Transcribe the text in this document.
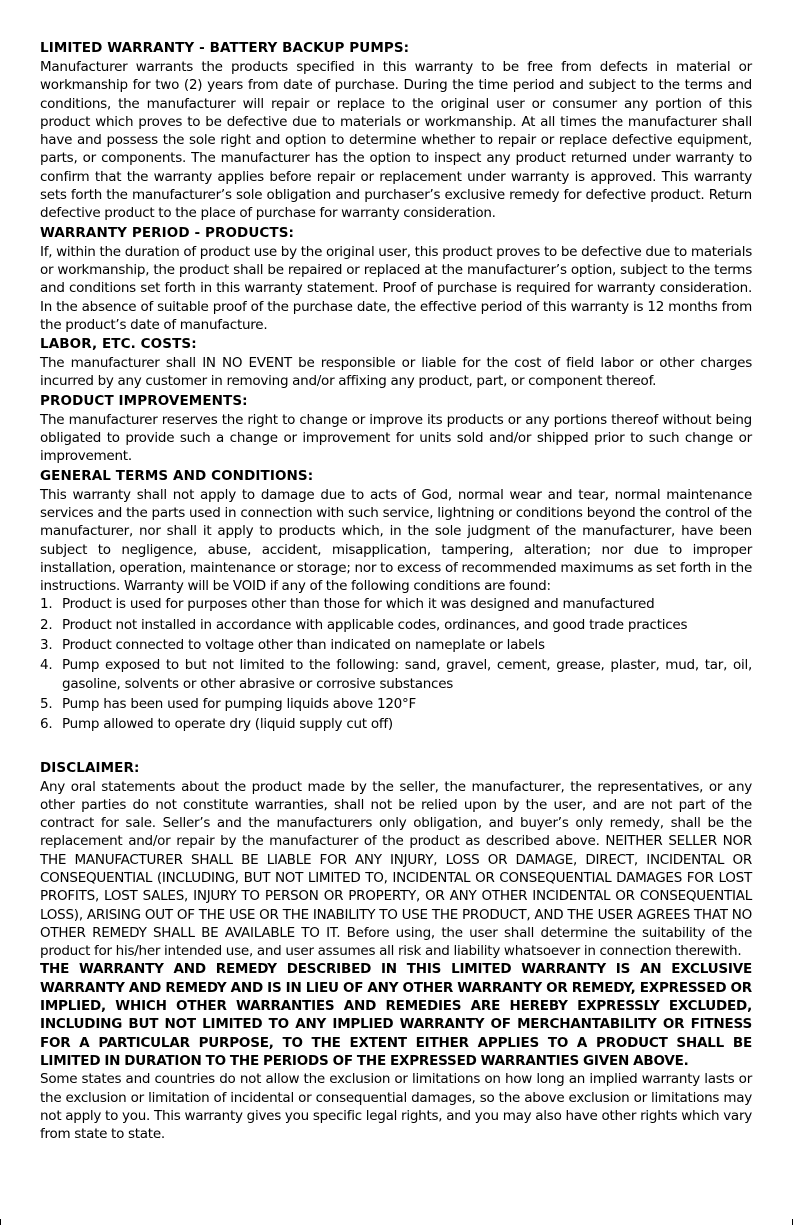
LIMITED WARRANTY - BATTERY BACKUP PUMPS:

Manufacturer warrants the products specified in this warranty to be free from defects in material or workmanship for two (2) years from date of purchase. During the time period and subject to the terms and conditions, the manufacturer will repair or replace to the original user or consumer any portion of this product which proves to be defective due to materials or workmanship. At all times the manufacturer shall have and possess the sole right and option to determine whether to repair or replace defective equipment, parts, or components. The manufacturer has the option to inspect any product returned under warranty to confirm that the warranty applies before repair or replacement under warranty is approved. This warranty sets forth the manufacturer’s sole obligation and purchaser’s exclusive remedy for defective product. Return defective product to the place of purchase for warranty consideration.

WARRANTY PERIOD - PRODUCTS:

If, within the duration of product use by the original user, this product proves to be defective due to materials or workmanship, the product shall be repaired or replaced at the manufacturer’s option, subject to the terms and conditions set forth in this warranty statement. Proof of purchase is required for warranty consideration. In the absence of suitable proof of the purchase date, the effective period of this warranty is 12 months from the product’s date of manufacture.

LABOR, ETC. COSTS:

The manufacturer shall IN NO EVENT be responsible or liable for the cost of field labor or other charges incurred by any customer in removing and/or affixing any product, part, or component thereof.

PRODUCT IMPROVEMENTS:

The manufacturer reserves the right to change or improve its products or any portions thereof without being obligated to provide such a change or improvement for units sold and/or shipped prior to such change or improvement.

GENERAL TERMS AND CONDITIONS:

This warranty shall not apply to damage due to acts of God, normal wear and tear, normal maintenance services and the parts used in connection with such service, lightning or conditions beyond the control of the manufacturer, nor shall it apply to products which, in the sole judgment of the manufacturer, have been subject to negligence, abuse, accident, misapplication, tampering, alteration; nor due to improper installation, operation, maintenance or storage; nor to excess of recommended maximums as set forth in the instructions. Warranty will be VOID if any of the following conditions are found:

1. Product is used for purposes other than those for which it was designed and manufactured
2. Product not installed in accordance with applicable codes, ordinances, and good trade practices
3. Product connected to voltage other than indicated on nameplate or labels
4. Pump exposed to but not limited to the following: sand, gravel, cement, grease, plaster, mud, tar, oil, gasoline, solvents or other abrasive or corrosive substances
5. Pump has been used for pumping liquids above 120°F
6. Pump allowed to operate dry (liquid supply cut off)

DISCLAIMER:

Any oral statements about the product made by the seller, the manufacturer, the representatives, or any other parties do not constitute warranties, shall not be relied upon by the user, and are not part of the contract for sale. Seller’s and the manufacturers only obligation, and buyer’s only remedy, shall be the replacement and/or repair by the manufacturer of the product as described above. NEITHER SELLER NOR THE MANUFACTURER SHALL BE LIABLE FOR ANY INJURY, LOSS OR DAMAGE, DIRECT, INCIDENTAL OR CONSEQUENTIAL (INCLUDING, BUT NOT LIMITED TO, INCIDENTAL OR CONSEQUENTIAL DAMAGES FOR LOST PROFITS, LOST SALES, INJURY TO PERSON OR PROPERTY, OR ANY OTHER INCIDENTAL OR CONSEQUENTIAL LOSS), ARISING OUT OF THE USE OR THE INABILITY TO USE THE PRODUCT, AND THE USER AGREES THAT NO OTHER REMEDY SHALL BE AVAILABLE TO IT. Before using, the user shall determine the suitability of the product for his/her intended use, and user assumes all risk and liability whatsoever in connection therewith.

THE WARRANTY AND REMEDY DESCRIBED IN THIS LIMITED WARRANTY IS AN EXCLUSIVE WARRANTY AND REMEDY AND IS IN LIEU OF ANY OTHER WARRANTY OR REMEDY, EXPRESSED OR IMPLIED, WHICH OTHER WARRANTIES AND REMEDIES ARE HEREBY EXPRESSLY EXCLUDED, INCLUDING BUT NOT LIMITED TO ANY IMPLIED WARRANTY OF MERCHANTABILITY OR FITNESS FOR A PARTICULAR PURPOSE, TO THE EXTENT EITHER APPLIES TO A PRODUCT SHALL BE LIMITED IN DURATION TO THE PERIODS OF THE EXPRESSED WARRANTIES GIVEN ABOVE.

Some states and countries do not allow the exclusion or limitations on how long an implied warranty lasts or the exclusion or limitation of incidental or consequential damages, so the above exclusion or limitations may not apply to you. This warranty gives you specific legal rights, and you may also have other rights which vary from state to state.
